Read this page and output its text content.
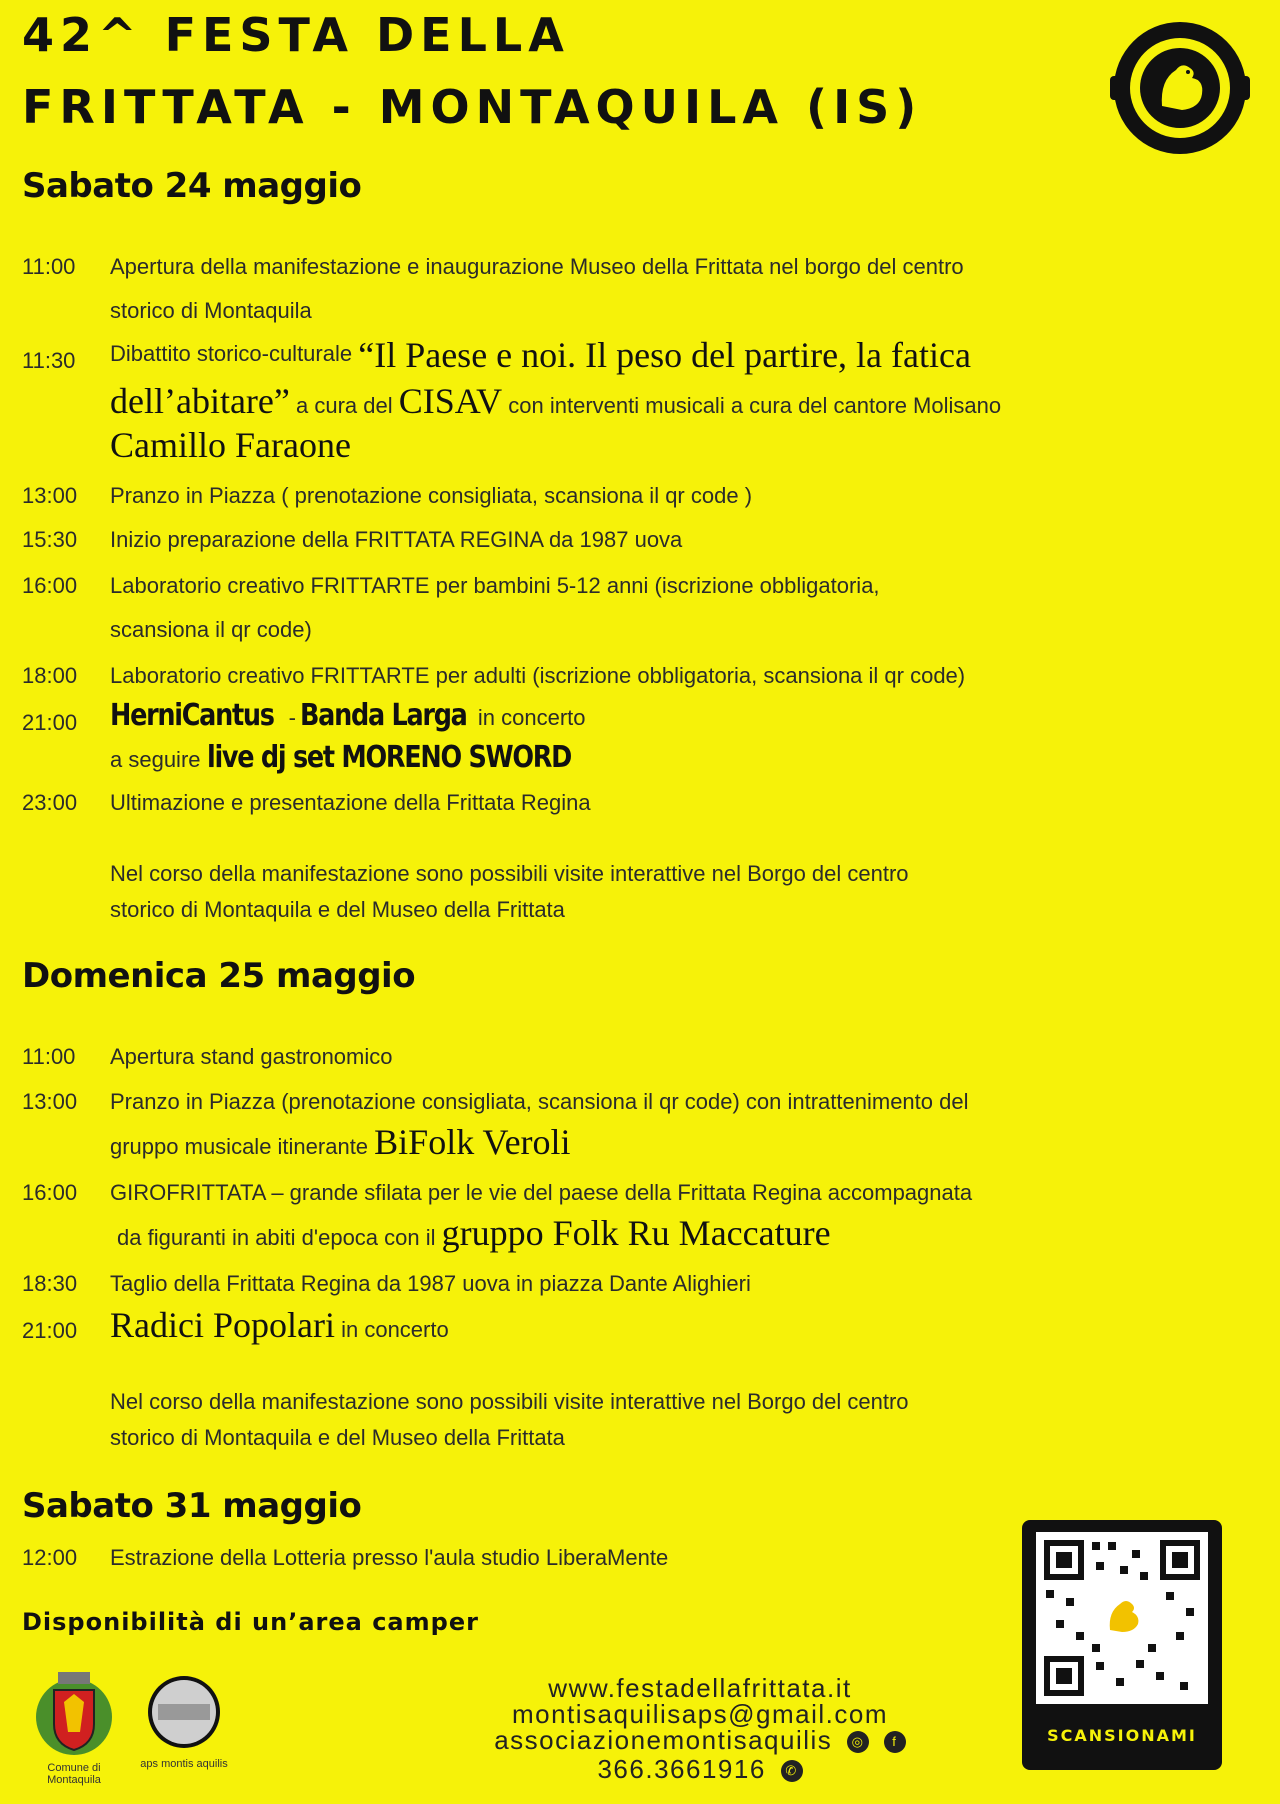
42^ FESTA DELLA
FRITTATA - MONTAQUILA (IS)
Sabato 24 maggio
11:00	Apertura della manifestazione e inaugurazione Museo della Frittata nel borgo del centro
storico di Montaquila
11:30	Dibattito storico-culturale “Il Paese e noi. Il peso del partire, la fatica
dell’abitare” a cura del CISAV con interventi musicali a cura del cantore Molisano
Camillo Faraone
13:00	Pranzo in Piazza ( prenotazione consigliata, scansiona il qr code )
15:30	Inizio preparazione della FRITTATA REGINA da 1987 uova
16:00	Laboratorio creativo FRITTARTE per bambini 5-12 anni (iscrizione obbligatoria,
scansiona il qr code)
18:00	Laboratorio creativo FRITTARTE per adulti (iscrizione obbligatoria, scansiona il qr code)
21:00	HerniCantus - Banda Larga in concerto
a seguire live dj set MORENO SWORD
23:00	Ultimazione e presentazione della Frittata Regina
Nel corso della manifestazione sono possibili visite interattive nel Borgo del centro
storico di Montaquila e del Museo della Frittata
Domenica 25 maggio
11:00	Apertura stand gastronomico
13:00	Pranzo in Piazza (prenotazione consigliata, scansiona il qr code) con intrattenimento del
gruppo musicale itinerante BiFolk Veroli
16:00	GIROFRITTATA – grande sfilata per le vie del paese della Frittata Regina accompagnata
da figuranti in abiti d'epoca con il gruppo Folk Ru Maccature
18:30	Taglio della Frittata Regina da 1987 uova in piazza Dante Alighieri
21:00 Radici Popolari in concerto
Nel corso della manifestazione sono possibili visite interattive nel Borgo del centro
storico di Montaquila e del Museo della Frittata
Sabato 31 maggio
12:00	Estrazione della Lotteria presso l'aula studio LiberaMente
Disponibilità di un’area camper
Comune di Montaquila
aps montis aquilis
www.festadellafrittata.it
montisaquilisaps@gmail.com
associazionemontisaquilis ◎ f
366.3661916 ✆
SCANSIONAMI
